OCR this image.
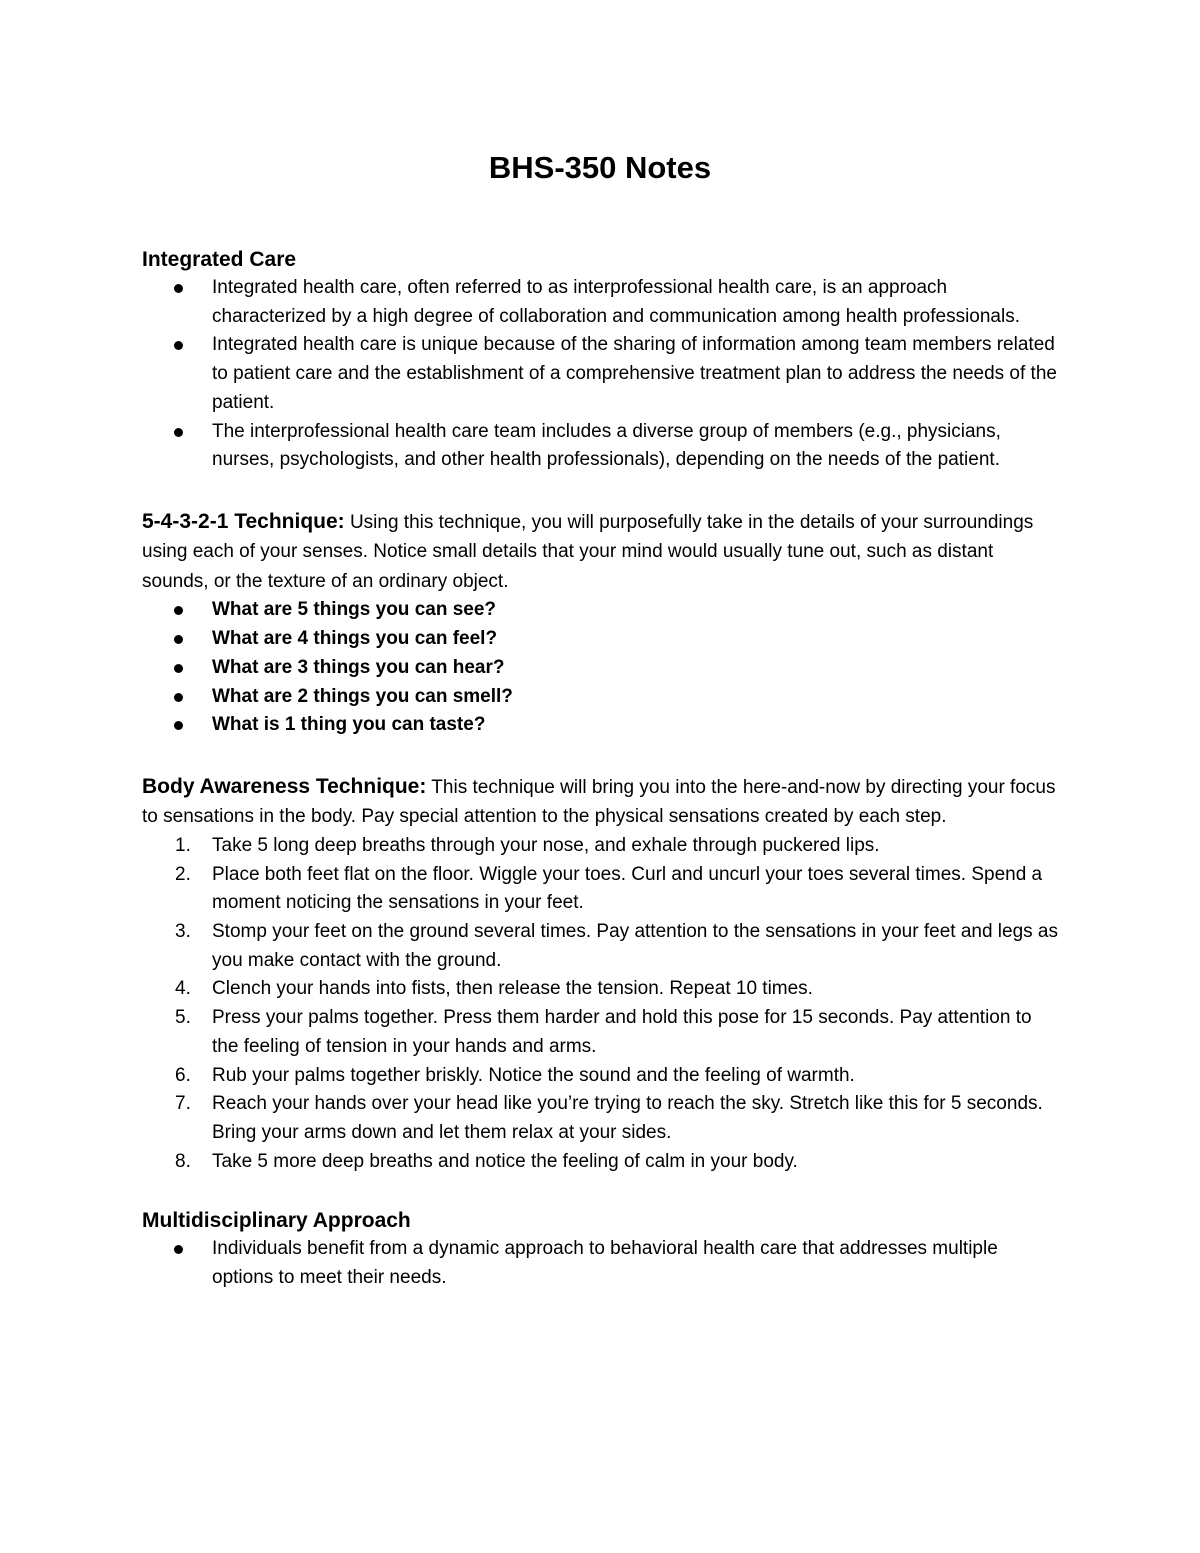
BHS-350 Notes
Integrated Care
Integrated health care, often referred to as interprofessional health care, is an approach characterized by a high degree of collaboration and communication among health professionals.
Integrated health care is unique because of the sharing of information among team members related to patient care and the establishment of a comprehensive treatment plan to address the needs of the patient.
The interprofessional health care team includes a diverse group of members (e.g., physicians, nurses, psychologists, and other health professionals), depending on the needs of the patient.

5-4-3-2-1 Technique: Using this technique, you will purposefully take in the details of your surroundings using each of your senses. Notice small details that your mind would usually tune out, such as distant sounds, or the texture of an ordinary object.

What are 5 things you can see?
What are 4 things you can feel?
What are 3 things you can hear?
What are 2 things you can smell?
What is 1 thing you can taste?

Body Awareness Technique: This technique will bring you into the here-and-now by directing your focus to sensations in the body. Pay special attention to the physical sensations created by each step.

1.	Take 5 long deep breaths through your nose, and exhale through puckered lips.
2.	Place both feet flat on the floor. Wiggle your toes. Curl and uncurl your toes several times. Spend a moment noticing the sensations in your feet.
3.	Stomp your feet on the ground several times. Pay attention to the sensations in your feet and legs as you make contact with the ground.
4.	Clench your hands into fists, then release the tension. Repeat 10 times.
5.	Press your palms together. Press them harder and hold this pose for 15 seconds. Pay attention to the feeling of tension in your hands and arms.
6.	Rub your palms together briskly. Notice the sound and the feeling of warmth.
7.	Reach your hands over your head like you’re trying to reach the sky. Stretch like this for 5 seconds. Bring your arms down and let them relax at your sides.
8.	Take 5 more deep breaths and notice the feeling of calm in your body.
Multidisciplinary Approach
Individuals benefit from a dynamic approach to behavioral health care that addresses multiple options to meet their needs.
